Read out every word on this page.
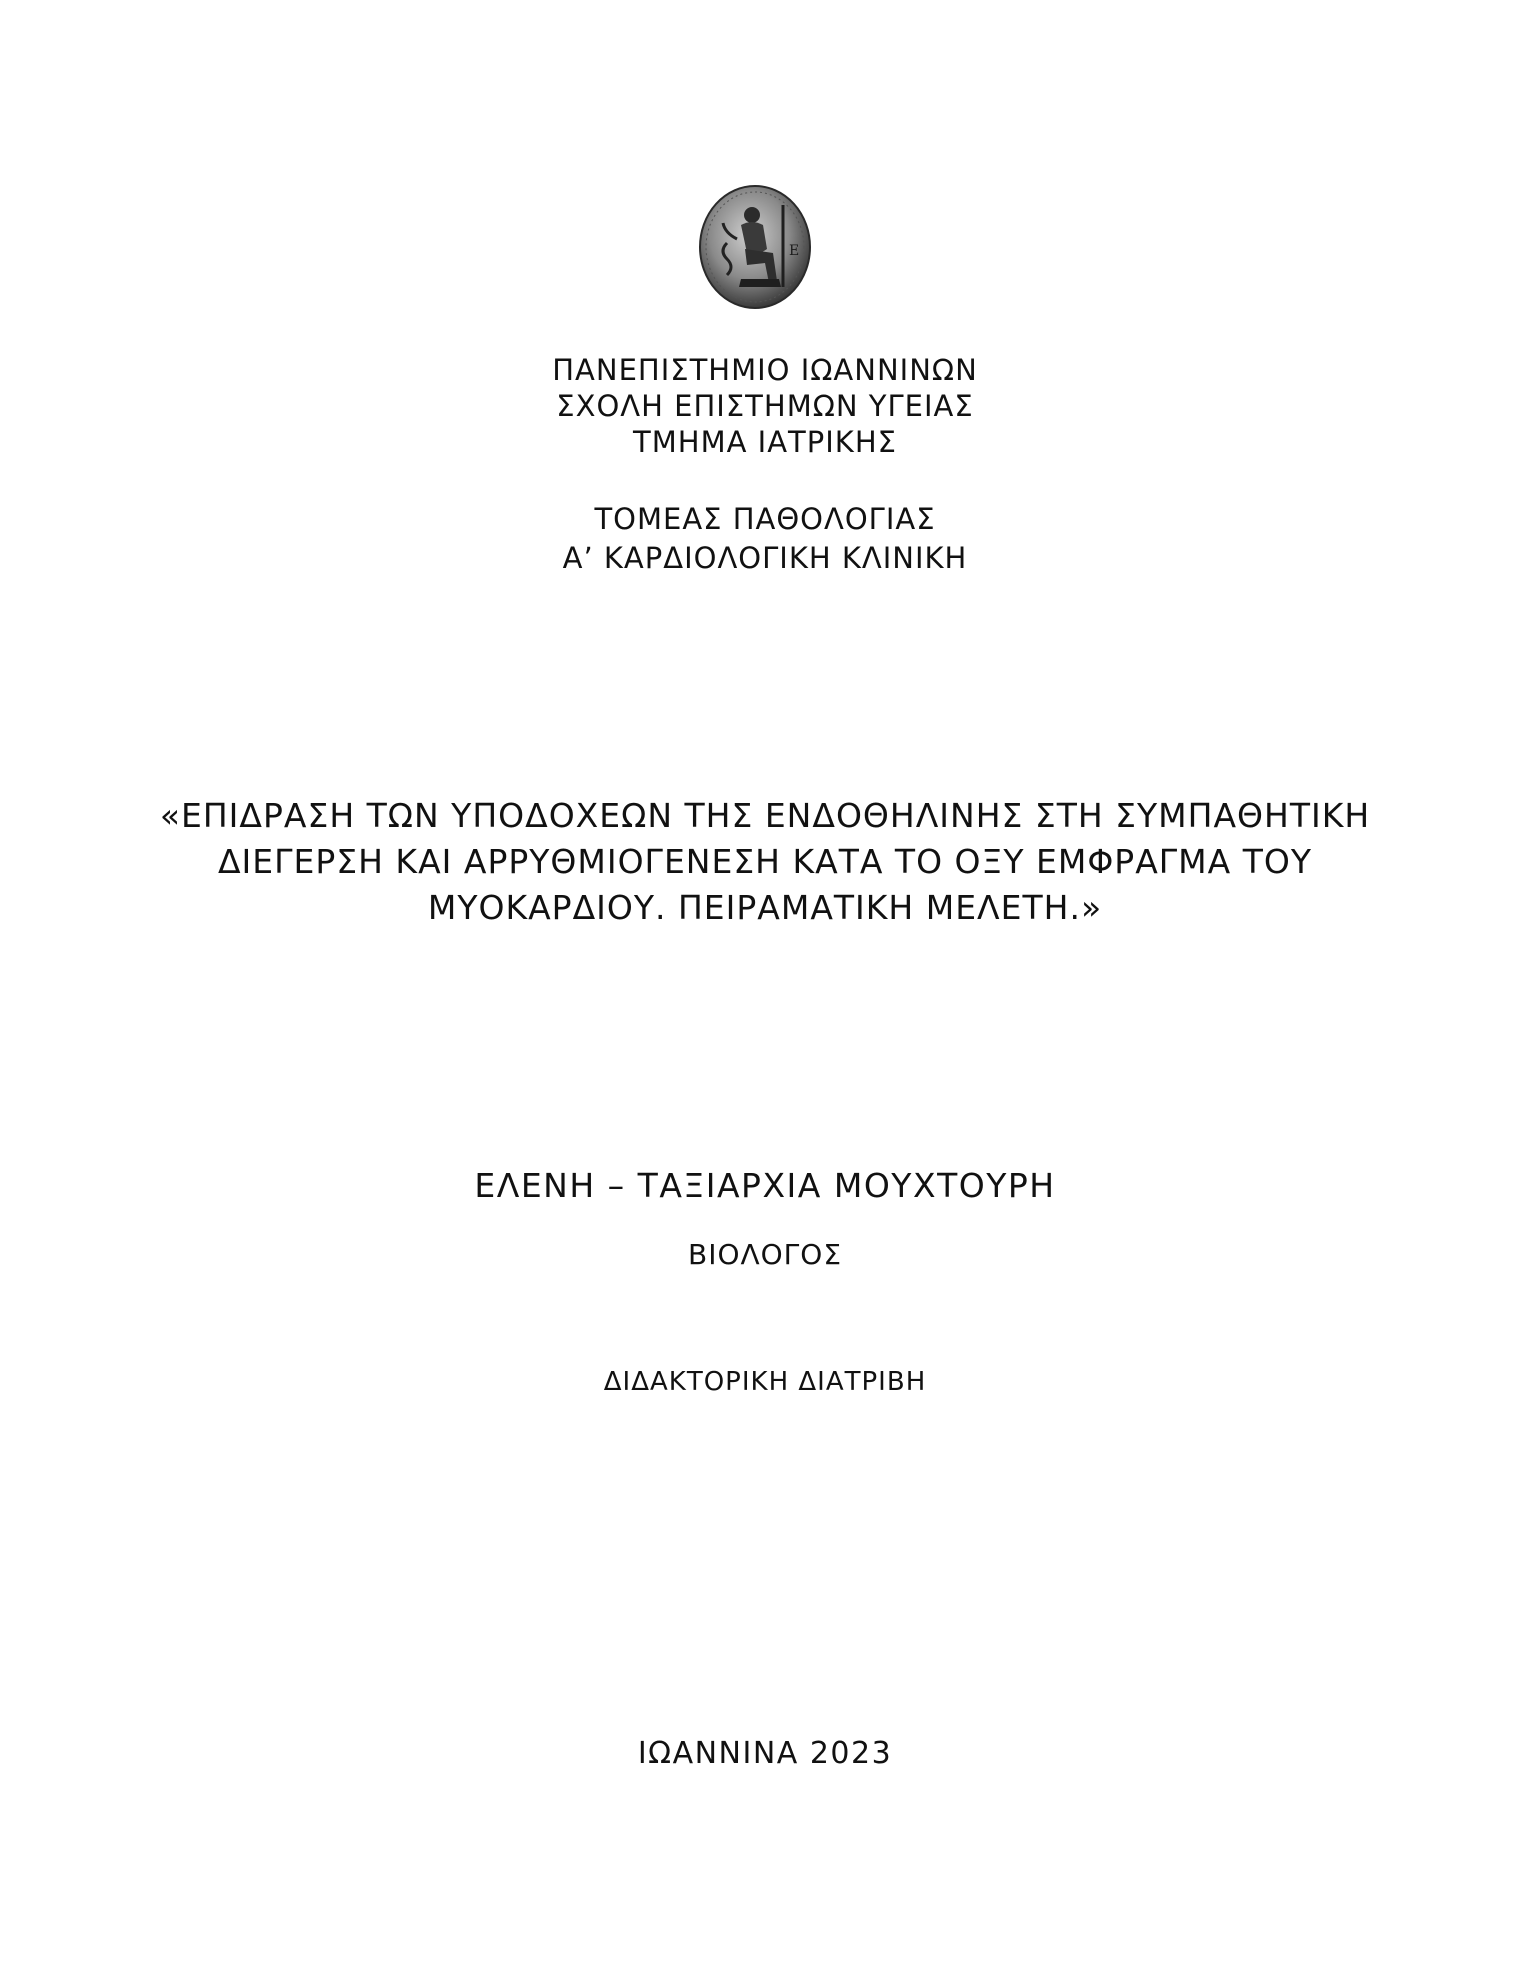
Ε
ΠΑΝΕΠΙΣΤΗΜΙΟ ΙΩΑΝΝΙΝΩΝ
ΣΧΟΛΗ ΕΠΙΣΤΗΜΩΝ ΥΓΕΙΑΣ
ΤΜΗΜΑ ΙΑΤΡΙΚΗΣ
ΤΟΜΕΑΣ ΠΑΘΟΛΟΓΙΑΣ
Α’ ΚΑΡΔΙΟΛΟΓΙΚΗ ΚΛΙΝΙΚΗ
«ΕΠΙΔΡΑΣΗ ΤΩΝ ΥΠΟΔΟΧΕΩΝ ΤΗΣ ΕΝΔΟΘΗΛΙΝΗΣ ΣΤΗ ΣΥΜΠΑΘΗΤΙΚΗ
ΔΙΕΓΕΡΣΗ ΚΑΙ ΑΡΡΥΘΜΙΟΓΕΝΕΣΗ ΚΑΤΑ ΤΟ ΟΞΥ ΕΜΦΡΑΓΜΑ ΤΟΥ
ΜΥΟΚΑΡΔΙΟΥ. ΠΕΙΡΑΜΑΤΙΚΗ ΜΕΛΕΤΗ.»
ΕΛΕΝΗ – ΤΑΞΙΑΡΧΙΑ ΜΟΥΧΤΟΥΡΗ
ΒΙΟΛΟΓΟΣ
ΔΙΔΑΚΤΟΡΙΚΗ ΔΙΑΤΡΙΒΗ
ΙΩΑΝΝΙΝΑ 2023
